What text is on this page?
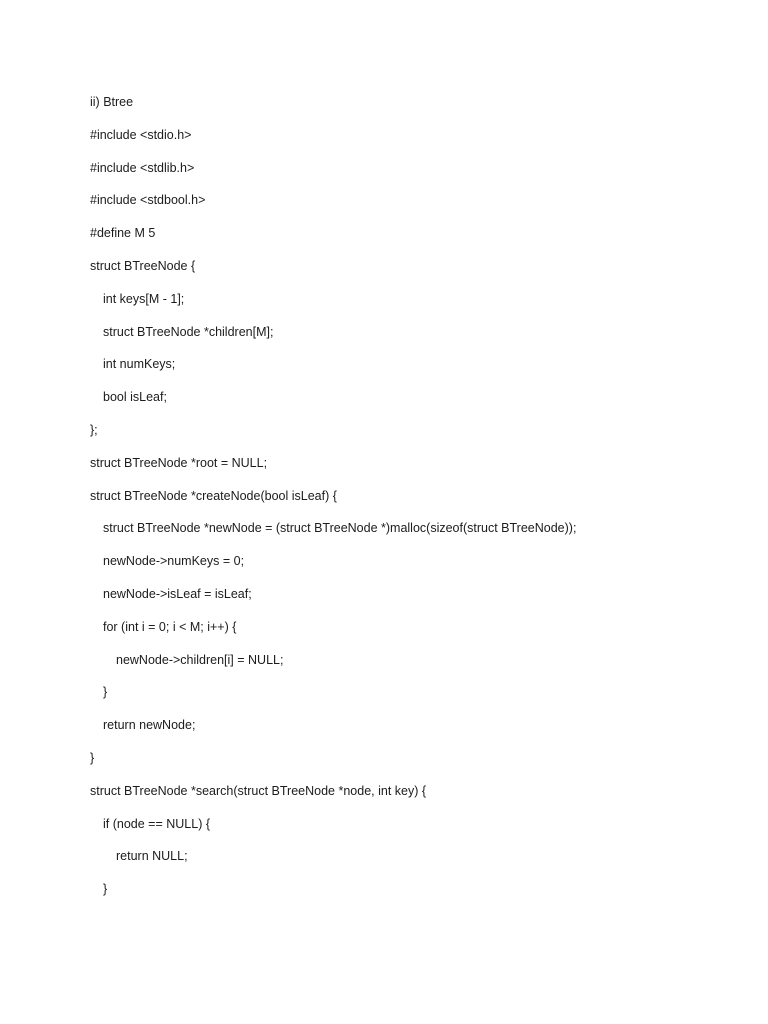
ii) Btree
#include <stdio.h>
#include <stdlib.h>
#include <stdbool.h>
#define M 5
struct BTreeNode {
int keys[M - 1];
struct BTreeNode *children[M];
int numKeys;
bool isLeaf;
};
struct BTreeNode *root = NULL;
struct BTreeNode *createNode(bool isLeaf) {
struct BTreeNode *newNode = (struct BTreeNode *)malloc(sizeof(struct BTreeNode));
newNode->numKeys = 0;
newNode->isLeaf = isLeaf;
for (int i = 0; i < M; i++) {
newNode->children[i] = NULL;
}
return newNode;
}
struct BTreeNode *search(struct BTreeNode *node, int key) {
if (node == NULL) {
return NULL;
}
